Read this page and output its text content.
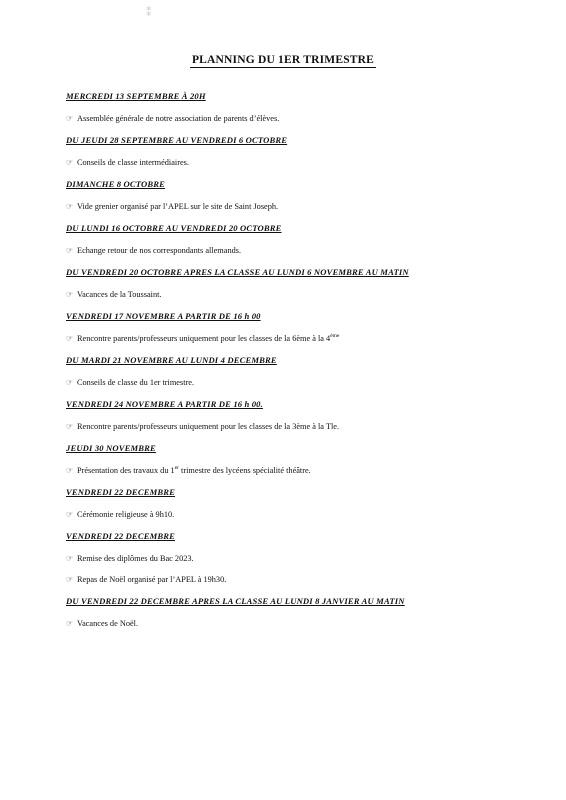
⁑
PLANNING DU 1ER TRIMESTRE
MERCREDI 13 SEPTEMBRE À 20H
☞ Assemblée générale de notre association de parents d’élèves.
DU JEUDI 28 SEPTEMBRE AU VENDREDI 6 OCTOBRE
☞ Conseils de classe intermédiaires.
DIMANCHE 8 OCTOBRE
☞ Vide grenier organisé par l’APEL sur le site de Saint Joseph.
DU LUNDI 16 OCTOBRE AU VENDREDI 20 OCTOBRE
☞ Echange retour de nos correspondants allemands.
DU VENDREDI 20 OCTOBRE APRES LA CLASSE AU LUNDI 6 NOVEMBRE AU MATIN
☞ Vacances de la Toussaint.
VENDREDI 17 NOVEMBRE A PARTIR DE 16 h 00
☞ Rencontre parents/professeurs uniquement pour les classes de la 6ème à la 4ème
DU MARDI 21 NOVEMBRE AU LUNDI 4 DECEMBRE
☞ Conseils de classe du 1er trimestre.
VENDREDI 24 NOVEMBRE A PARTIR DE 16 h 00.
☞ Rencontre parents/professeurs uniquement pour les classes de la 3ème à la Tle.
JEUDI 30 NOVEMBRE
☞ Présentation des travaux du 1er trimestre des lycéens spécialité théâtre.
VENDREDI 22 DECEMBRE
☞ Cérémonie religieuse à 9h10.
VENDREDI 22 DECEMBRE
☞ Remise des diplômes du Bac 2023.
☞ Repas de Noël organisé par l’APEL à 19h30.
DU VENDREDI 22 DECEMBRE APRES LA CLASSE AU LUNDI 8 JANVIER AU MATIN
☞ Vacances de Noël.
